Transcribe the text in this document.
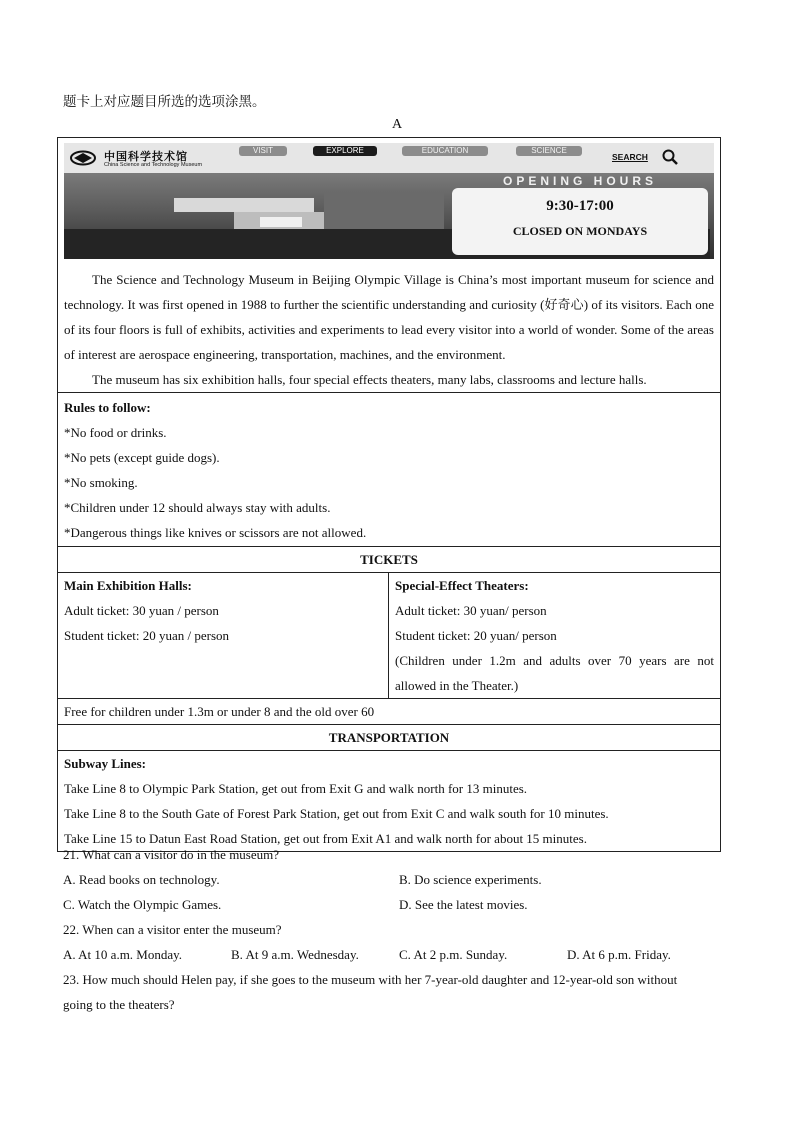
题卡上对应题目所选的选项涂黑。
A
中国科学技术馆
China Science and Technology Museum
VISIT	EXPLORE	EDUCATION	SCIENCE
SEARCH
OPENING HOURS
9:30-17:00
CLOSED ON MONDAYS

The Science and Technology Museum in Beijing Olympic Village is China’s most important museum for science and technology. It was first opened in 1988 to further the scientific understanding and curiosity (好奇心) of its visitors. Each one of its four floors is full of exhibits, activities and experiments to lead every visitor into a world of wonder. Some of the areas of interest are aerospace engineering, transportation, machines, and the environment.

The museum has six exhibition halls, four special effects theaters, many labs, classrooms and lecture halls.

Rules to follow:
*No food or drinks.
*No pets (except guide dogs).
*No smoking.
*Children under 12 should always stay with adults.
*Dangerous things like knives or scissors are not allowed.
TICKETS
Main Exhibition Halls:
Adult ticket: 30 yuan / person
Student ticket: 20 yuan / person
Special-Effect Theaters:
Adult ticket: 30 yuan/ person
Student ticket: 20 yuan/ person
(Children under 1.2m and adults over 70 years are not
allowed in the Theater.)
Free for children under 1.3m or under 8 and the old over 60
TRANSPORTATION
Subway Lines:
Take Line 8 to Olympic Park Station, get out from Exit G and walk north for 13 minutes.
Take Line 8 to the South Gate of Forest Park Station, get out from Exit C and walk south for 10 minutes.
Take Line 15 to Datun East Road Station, get out from Exit A1 and walk north for about 15 minutes.
21. What can a visitor do in the museum?
A. Read books on technology.	B. Do science experiments.
C. Watch the Olympic Games.	D. See the latest movies.
22. When can a visitor enter the museum?
A. At 10 a.m. Monday.	B. At 9 a.m. Wednesday.	C. At 2 p.m. Sunday.	D. At 6 p.m. Friday.
23. How much should Helen pay, if she goes to the museum with her 7-year-old daughter and 12-year-old son without
going to the theaters?
